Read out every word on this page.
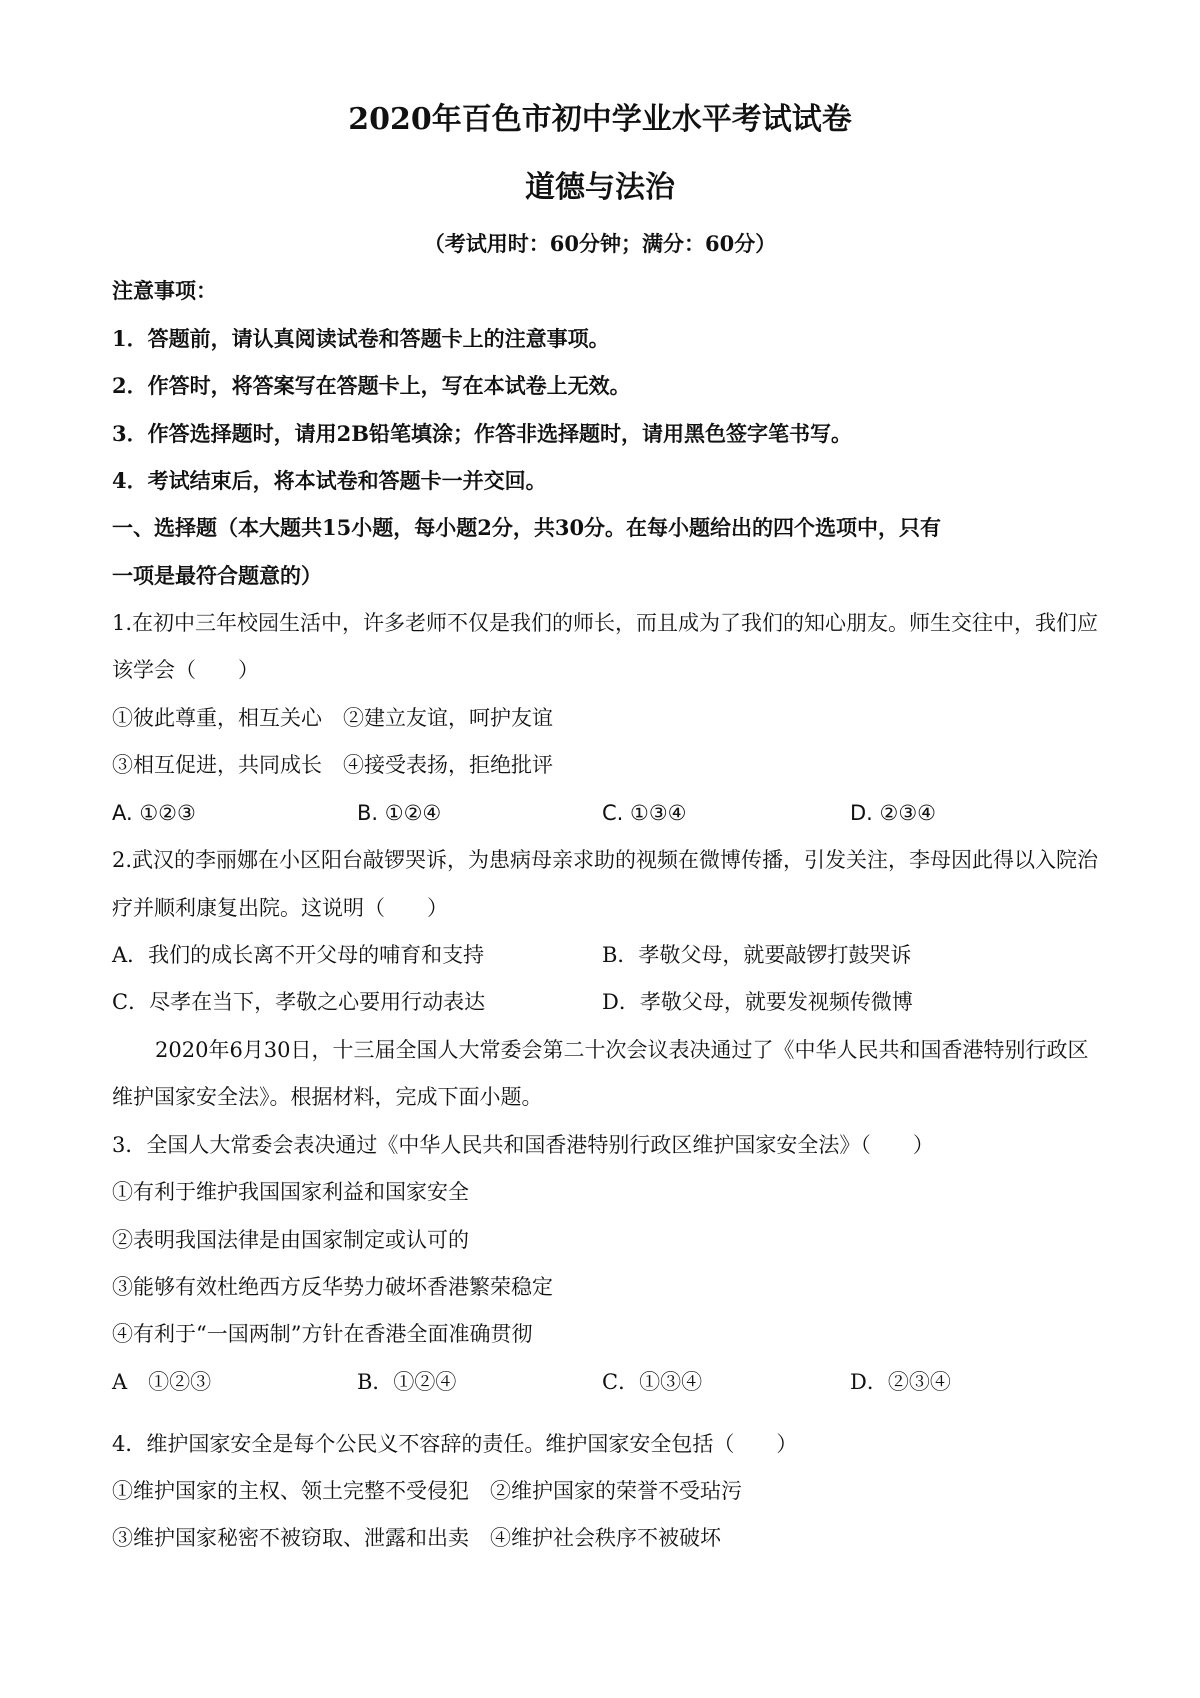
2020年百色市初中学业水平考试试卷
道德与法治
（考试用时：60分钟；满分：60分）
注意事项：
1．答题前，请认真阅读试卷和答题卡上的注意事项。
2．作答时，将答案写在答题卡上，写在本试卷上无效。
3．作答选择题时，请用2B铅笔填涂；作答非选择题时，请用黑色签字笔书写。
4．考试结束后，将本试卷和答题卡一并交回。
一、选择题（本大题共15小题，每小题2分，共30分。在每小题给出的四个选项中，只有
一项是最符合题意的）
1.在初中三年校园生活中，许多老师不仅是我们的师长，而且成为了我们的知心朋友。师生交往中，我们应
该学会（　　）
①彼此尊重，相互关心　②建立友谊，呵护友谊
③相互促进，共同成长　④接受表扬，拒绝批评
A. ①②③	B. ①②④	C. ①③④	D. ②③④
2.武汉的李丽娜在小区阳台敲锣哭诉，为患病母亲求助的视频在微博传播，引发关注，李母因此得以入院治
疗并顺利康复出院。这说明（　　）
A．我们的成长离不开父母的哺育和支持	B．孝敬父母，就要敲锣打鼓哭诉
C．尽孝在当下，孝敬之心要用行动表达	D．孝敬父母，就要发视频传微博
2020年6月30日，十三届全国人大常委会第二十次会议表决通过了《中华人民共和国香港特别行政区
维护国家安全法》。根据材料，完成下面小题。
3．全国人大常委会表决通过《中华人民共和国香港特别行政区维护国家安全法》（　　）
①有利于维护我国国家利益和国家安全
②表明我国法律是由国家制定或认可的
③能够有效杜绝西方反华势力破坏香港繁荣稳定
④有利于“一国两制”方针在香港全面准确贯彻
A　①②③	B．①②④	C．①③④	D．②③④
4．维护国家安全是每个公民义不容辞的责任。维护国家安全包括（　　）
①维护国家的主权、领土完整不受侵犯　②维护国家的荣誉不受玷污
③维护国家秘密不被窃取、泄露和出卖　④维护社会秩序不被破坏
